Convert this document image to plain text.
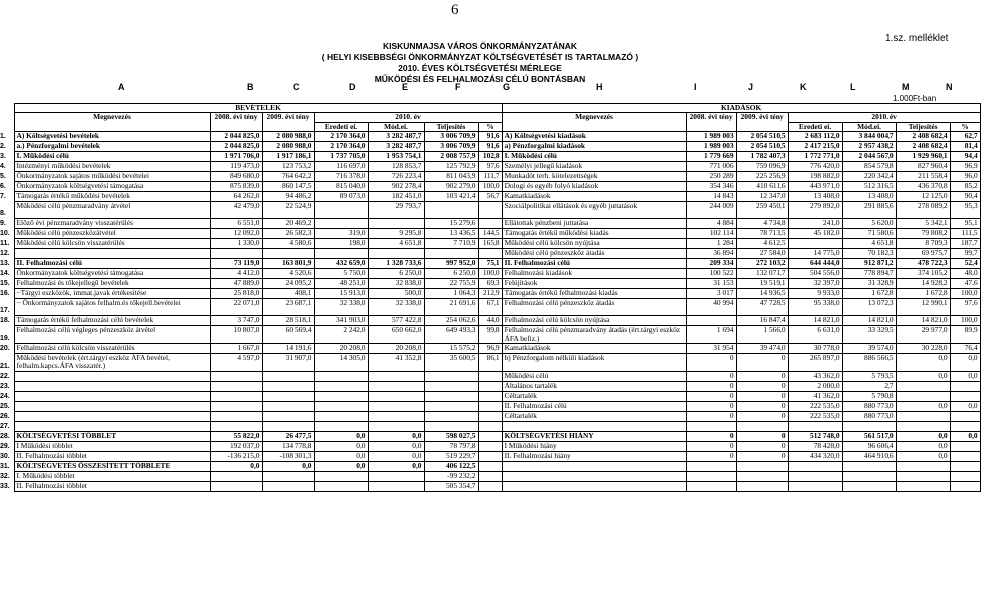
6
1.sz. melléklet
KISKUNMAJSA VÁROS ÖNKORMÁNYZATÁNAK
( HELYI KISEBBSÉGI ÖNKORMÁNYZAT KÖLTSÉGVETÉSÉT IS TARTALMAZÓ )
2010. ÉVES KÖLTSÉGVETÉSI MÉRLEGE
MŰKÖDÉSI ÉS FELHALMOZÁSI CÉLÚ BONTÁSBAN
1.000Ft-ban
A	B	C	D	E	F	G	H	I	J	K	L	M	N
	BEVÉTELEK							KIADÁSOK						
	Megnevezés	2008. évi tény	2009. évi tény	2010. év				Megnevezés	2008. évi tény	2009. évi tény	2010. év			
				Eredeti ei.	Mód.ei.	Teljesítés	%				Eredeti ei.	Mód.ei.	Teljesítés	%
1.	A) Költségvetési bevételek	2 044 825,0	2 080 988,0	2 170 364,0	3 282 487,7	3 006 709,9	91,6	A) Költségvetési kiadások	1 989 003	2 054 510,5	2 683 112,0	3 844 004,7	2 408 682,4	62,7
2.	a.) Pénzforgalmi bevételek	2 044 825,0	2 080 988,0	2 170 364,0	3 282 487,7	3 006 709,9	91,6	a) Pénzforgalmi kiadások	1 989 003	2 054 510,5	2 417 215,0	2 957 438,2	2 408 682,4	81,4
3.	I. Működési célú	1 971 706,0	1 917 186,1	1 737 705,0	1 953 754,1	2 008 757,9	102,8	I. Működési célú	1 779 669	1 782 407,3	1 772 771,0	2 044 567,0	1 929 960,1	94,4
4.	Intézményi működési bevételek	119 473,0	123 753,2	116 697,0	128 853,7	125 792,9	97,6	Személyi jellegű kiadások	771 006	759 096,9	776 420,0	854 579,8	827 960,4	96,9
5.	Önkormányzatok sajátos működési bevételei	849 680,0	764 642,2	716 378,0	726 223,4	811 043,9	111,7	Munkadót terh. kötelezettségek	250 289	225 256,9	198 882,0	220 342,4	211 558,4	96,0
6.	Önkormányzatok költségvetési támogatása	875 839,0	860 147,5	815 040,0	902 278,4	902 279,0	100,0	Dologi és egyéb folyó kiadások	354 346	410 611,6	443 971,0	512 316,5	436 370,8	85,2
7.	Támogatás értékű működési bevételek	64 262,0	94 486,2	89 073,0	182 451,0	103 421,4	56,7	Kamatkiadások	14 843	12 347,0	13 408,0	13 408,0	12 125,0	90,4
8.	Működési célú pénzmaradvány átvétel	42 479,0	22 524,9		29 793,7			Szociálpolitikai ellátások és egyéb juttatások	244 009	259 450,1	279 892,0	291 885,6	278 089,2	95,3
9.	Előző évi pénzmaradvány visszatérülés	6 551,0	20 469,2			15 279,6		Ellátottak pénzbeni juttatása	4 884	4 734,8	241,0	5 620,0	5 342,1	95,1
10.	Működési célú pénzeszközátvétel	12 092,0	26 582,3	319,0	9 295,8	13 436,5	144,5	Támogatás értékű működési kiadás	102 114	78 713,5	45 182,0	71 580,6	79 808,2	111,5
11.	Működési célú kölcsön visszatérülés	1 330,0	4 580,6	198,0	4 651,8	7 710,9	165,8	Működési célú kölcsön nyújtása	1 284	4 612,5		4 651,8	8 709,3	187,7
12.								Működési célú pénzeszköz átadás	36 894	27 584,0	14 775,0	70 182,3	69 975,7	99,7
13.	II. Felhalmozási célú	73 119,0	163 801,9	432 659,0	1 328 733,6	997 952,0	75,1	II. Felhalmozási célú	209 334	272 103,2	644 444,0	912 871,2	478 722,3	52,4
14.	Önkormányzatok költségvetési támogatása	4 412,0	4 520,6	5 750,0	6 250,0	6 250,0	100,0	Felhalmozási kiadások	100 522	132 071,7	504 556,0	778 894,7	374 105,2	48,0
15.	Felhalmozási és tőkejellegű bevételek	47 889,0	24 095,2	48 251,0	32 838,0	22 755,9	69,3	Felújítások	31 153	19 519,1	32 397,0	31 328,9	14 928,2	47,6
16.	−Tárgyi eszközök, immat.javak értékesítése	25 818,0	408,1	15 913,0	500,0	1 064,3	212,9	Támogatás értékű felhalmozási kiadás	3 017	14 936,5	9 933,0	1 672,8	1 672,8	100,0
17.	− Önkormányzatok sajátos felhalm.és tőkejell.bevételei	22 071,0	23 687,1	32 338,0	32 338,0	21 691,6	67,1	Felhalmozási célú pénzeszköz átadás	40 994	47 728,5	95 338,0	13 072,3	12 990,1	97,6
18.	Támogatás értékű felhalmozási célú bevételek	3 747,0	28 518,1	341 903,0	577 422,8	254 062,6	44,0	Felhalmozási célú kölcsön nyújtása		16 847,4	14 821,0	14 821,0	14 821,0	100,0
19.	Felhalmozási célú végleges pénzeszköz átvétel	10 807,0	60 569,4	2 242,0	650 662,0	649 493,3	99,8	Felhalmozási célú pénzmaradvány átadás (ért.tárgyi eszköz ÁFA befiz.)	1 694	1 566,0	6 631,0	33 329,5	29 977,0	89,9
20.	Felhalmozási célú kölcsön visszatérülés	1 667,0	14 191,6	20 208,0	20 208,0	15 575,2	96,9	Kamatkiadások	31 954	39 474,0	30 778,0	39 574,0	30 228,0	76,4
21.	Működési bevételek (ért.tárgyi eszköz ÁFA bevétel, felhalm.kapcs.ÁFA visszatér.)	4 597,0	31 907,0	14 305,0	41 352,8	35 600,5	86,1	b) Pénzforgalom nélküli kiadások	0	0	265 897,0	886 566,5	0,0	0,0
22.								Működési célú	0	0	43 362,0	5 793,5	0,0	0,0
23.								Általános tartalék	0	0	2 000,0	2,7		
24.								Céltartalék	0	0	41 362,0	5 790,8		
25.								II. Felhalmozási célú	0	0	222 535,0	880 773,0	0,0	0,0
26.								Céltartalék	0	0	222 535,0	880 773,0		
27.														
28.	KÖLTSÉGVETÉSI TÖBBLET	55 822,0	26 477,5	0,0	0,0	598 027,5		KÖLTSÉGVETÉSI HIÁNY	0	0	512 748,0	561 517,0	0,0	0,0
29.	I Működési többlet	192 037,0	134 778,8	0,0	0,0	78 797,8		I Működési hiány	0	0	78 428,0	96 606,4	0,0	
30.	II. Felhalmozási többlet	-136 215,0	-108 301,3	0,0	0,0	519 229,7		II. Felhalmozási hiány	0	0	434 320,0	464 910,6	0,0	
31.	KÖLTSÉGVETÉS ÖSSZESÍTETT TÖBBLETE	0,0	0,0	0,0	0,0	406 122,5								
32.	I. Működési többlet					-99 232,2								
33.	II. Felhalmozási többlet					505 354,7								
